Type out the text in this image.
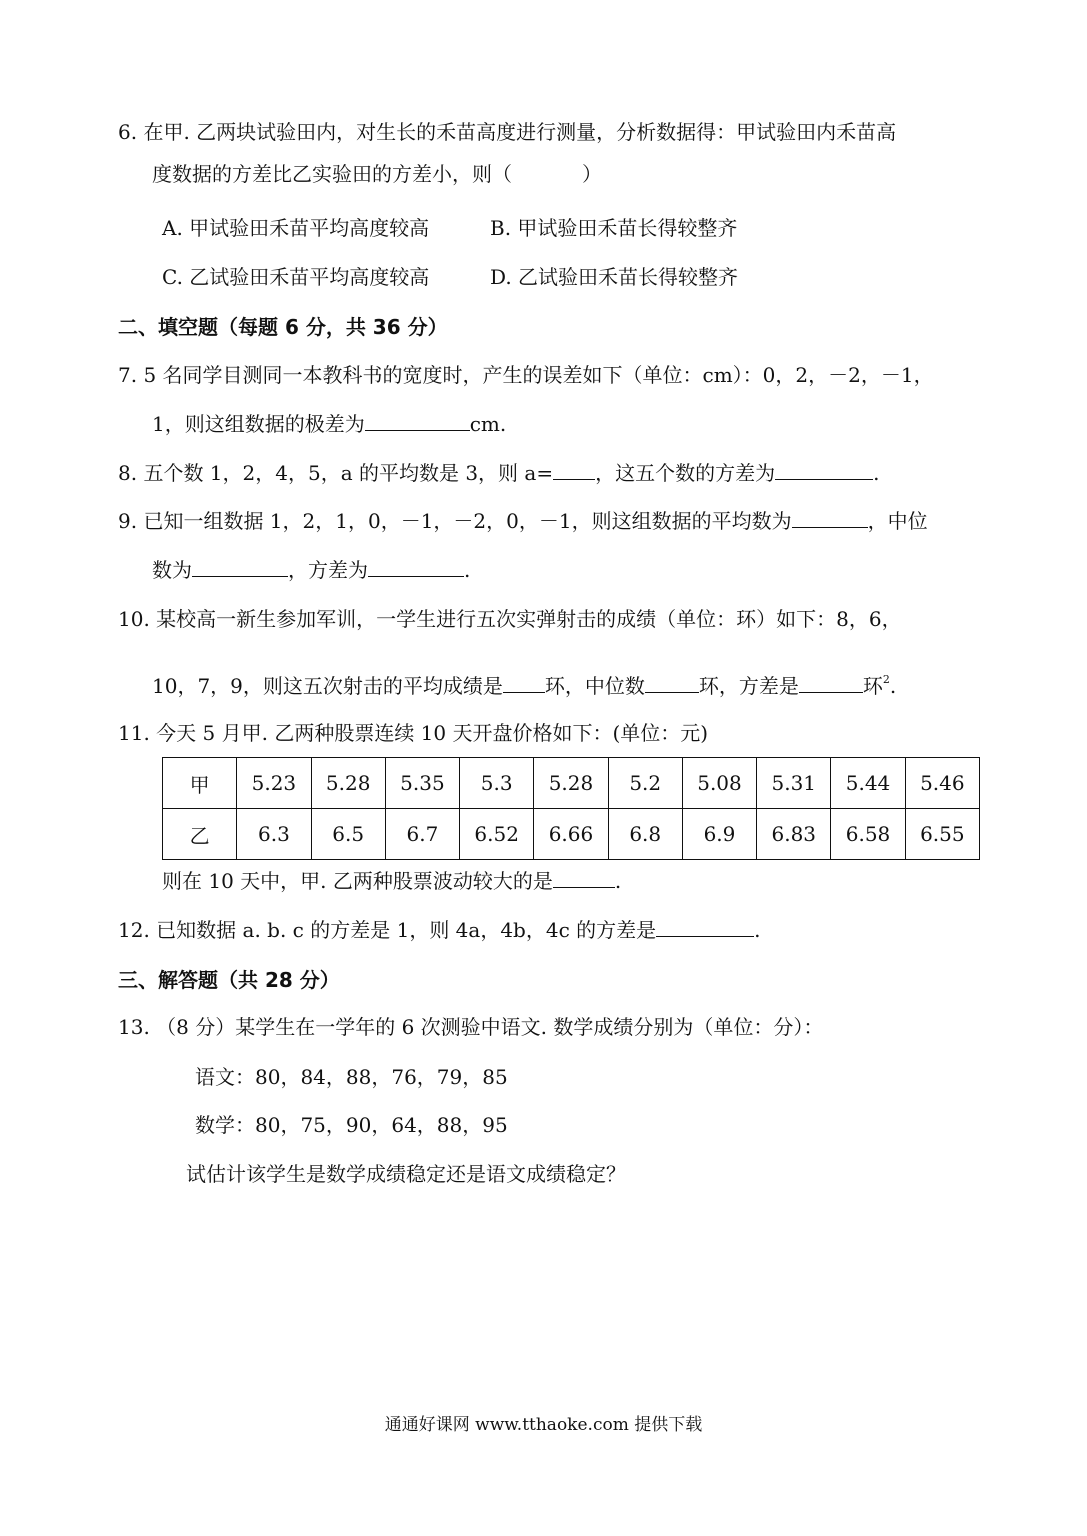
6. 在甲. 乙两块试验田内，对生长的禾苗高度进行测量，分析数据得：甲试验田内禾苗高
度数据的方差比乙实验田的方差小，则（	）
A. 甲试验田禾苗平均高度较高	B. 甲试验田禾苗长得较整齐
C. 乙试验田禾苗平均高度较高	D. 乙试验田禾苗长得较整齐
二、填空题（每题 6 分，共 36 分）
7. 5 名同学目测同一本教科书的宽度时，产生的误差如下（单位：cm）：0，2，－2，－1，
1，则这组数据的极差为	cm.
8. 五个数 1，2，4，5，a 的平均数是 3，则 a= ，这五个数的方差为	.
9. 已知一组数据 1，2，1，0，－1，－2，0，－1，则这组数据的平均数为	，中位
数为	，方差为	.
10. 某校高一新生参加军训，一学生进行五次实弹射击的成绩（单位：环）如下：8，6，
10，7，9，则这五次射击的平均成绩是 环，中位数	环，方差是	环$^2$.
11. 今天 5 月甲. 乙两种股票连续 10 天开盘价格如下：(单位：元)
甲	5.23	5.28	5.35	5.3	5.28	5.2	5.08	5.31	5.44	5.46
乙	6.3	6.5	6.7	6.52	6.66	6.8	6.9	6.83	6.58	6.55
则在 10 天中，甲. 乙两种股票波动较大的是	.
12. 已知数据 a. b. c 的方差是 1，则 4a，4b，4c 的方差是	.
三、解答题（共 28 分）
13. （8 分）某学生在一学年的 6 次测验中语文. 数学成绩分别为（单位：分）：
语文：80，84，88，76，79，85
数学：80，75，90，64，88，95
试估计该学生是数学成绩稳定还是语文成绩稳定？
通通好课网 www.tthaoke.com 提供下载
